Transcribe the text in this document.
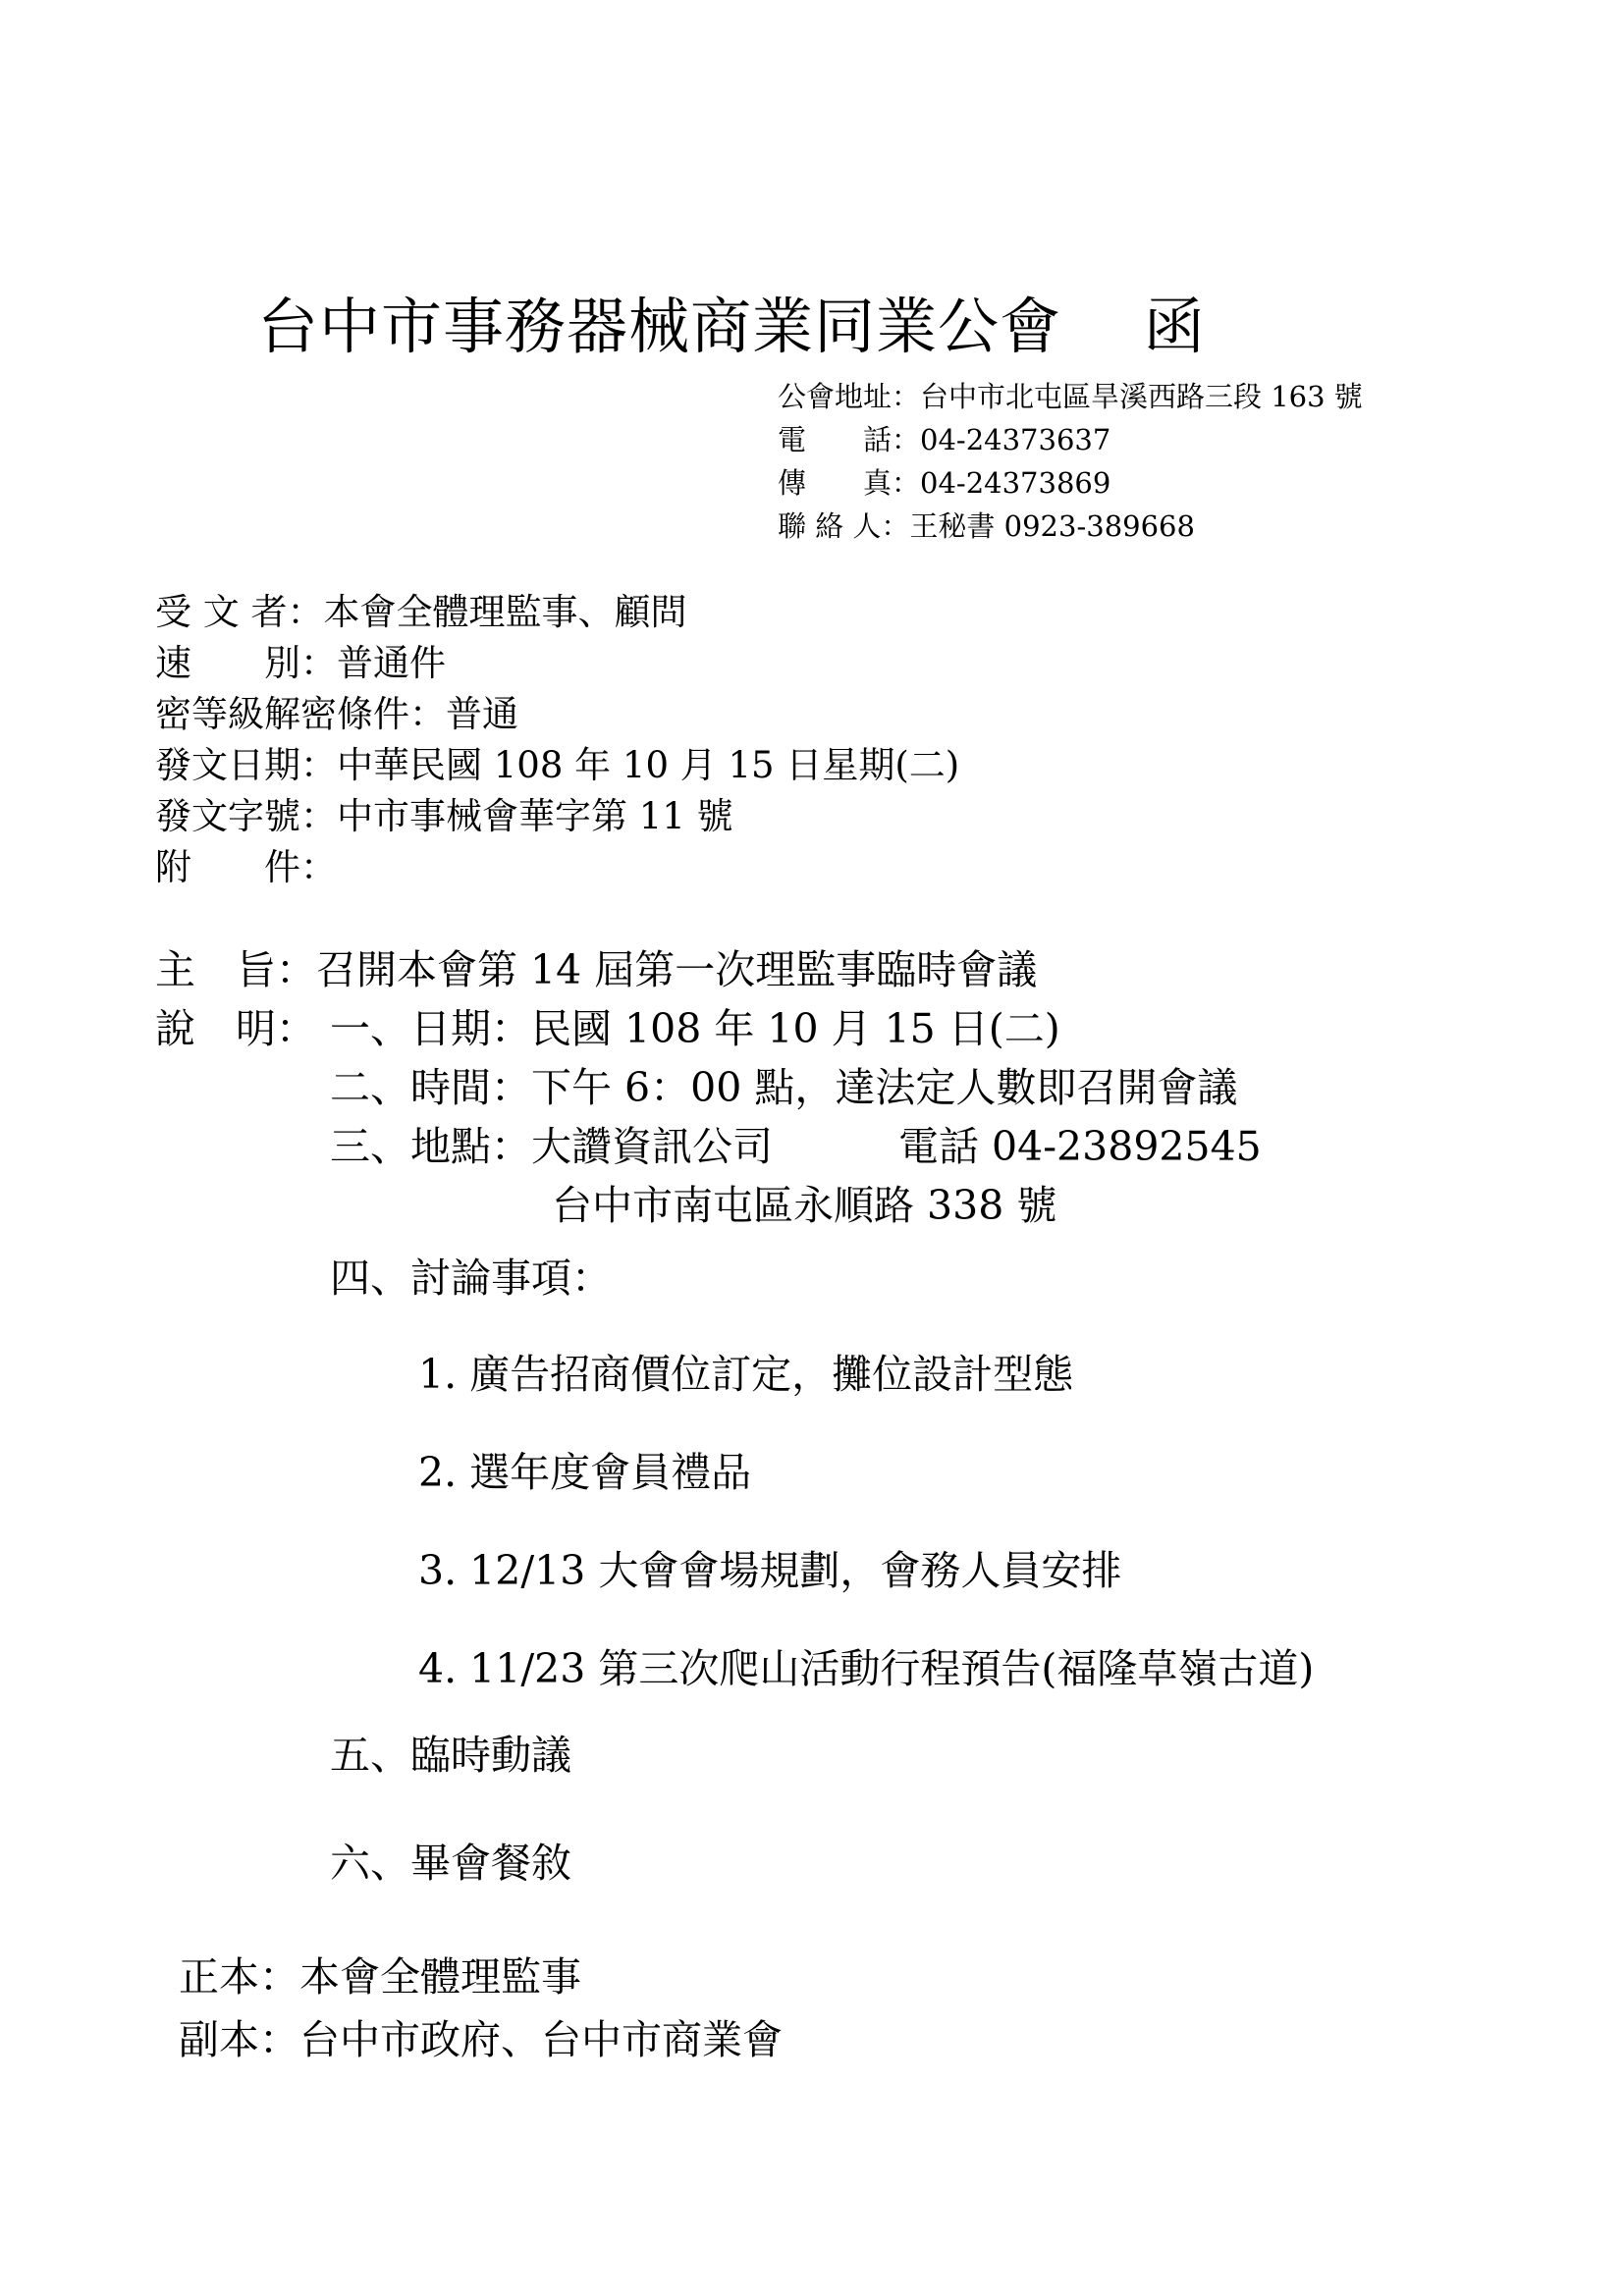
台中市事務器械商業同業公會　 函
公會地址：台中市北屯區旱溪西路三段 163 號
電　　話：04-24373637
傳　　真：04-24373869
聯 絡 人：王秘書 0923-389668
受 文 者：本會全體理監事、顧問
速　　別：普通件
密等級解密條件：普通
發文日期：中華民國 108 年 10 月 15 日星期(二)
發文字號：中市事械會華字第 11 號
附　　件：
主　旨：召開本會第 14 屆第一次理監事臨時會議
說　明： 一、日期：民國 108 年 10 月 15 日(二)
二、時間：下午 6：00 點，達法定人數即召開會議
三、地點：大讚資訊公司	電話 04-23892545
台中市南屯區永順路 338 號
四、討論事項：
1. 廣告招商價位訂定，攤位設計型態
2. 選年度會員禮品
3. 12/13 大會會場規劃，會務人員安排
4. 11/23 第三次爬山活動行程預告(福隆草嶺古道)
五、臨時動議
六、畢會餐敘
正本：本會全體理監事
副本：台中市政府、台中市商業會
